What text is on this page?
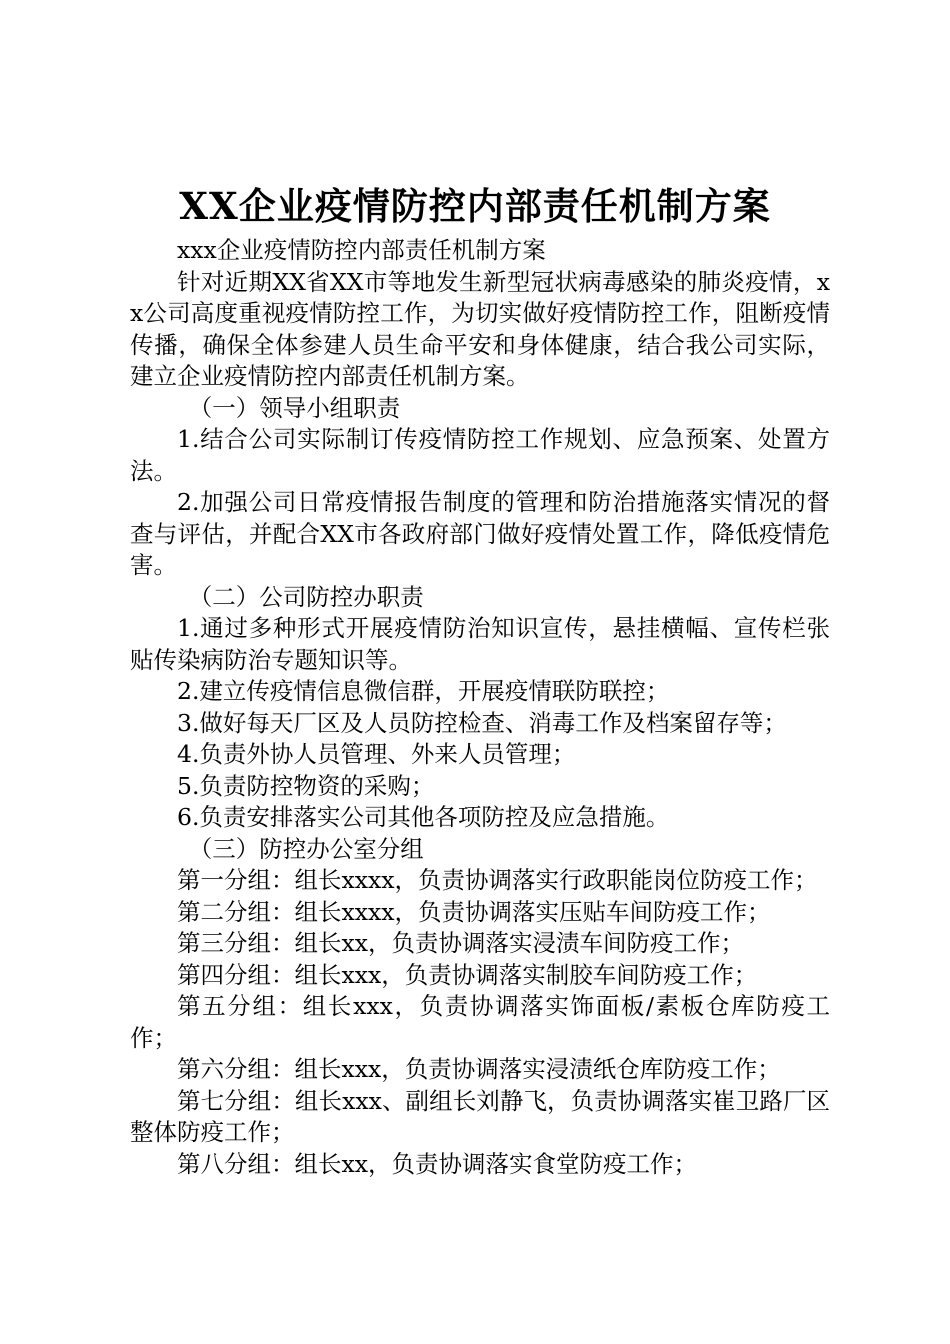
XX企业疫情防控内部责任机制方案

xxx企业疫情防控内部责任机制方案

针对近期XX省XX市等地发生新型冠状病毒感染的肺炎疫情，xx公司高度重视疫情防控工作，为切实做好疫情防控工作，阻断疫情传播，确保全体参建人员生命平安和身体健康，结合我公司实际，建立企业疫情防控内部责任机制方案。

（一）领导小组职责

1.结合公司实际制订传疫情防控工作规划、应急预案、处置方法。

2.加强公司日常疫情报告制度的管理和防治措施落实情况的督查与评估，并配合XX市各政府部门做好疫情处置工作，降低疫情危害。

（二）公司防控办职责

1.通过多种形式开展疫情防治知识宣传，悬挂横幅、宣传栏张贴传染病防治专题知识等。

2.建立传疫情信息微信群，开展疫情联防联控；

3.做好每天厂区及人员防控检查、消毒工作及档案留存等；

4.负责外协人员管理、外来人员管理；

5.负责防控物资的采购；

6.负责安排落实公司其他各项防控及应急措施。

（三）防控办公室分组

第一分组：组长xxxx，负责协调落实行政职能岗位防疫工作；

第二分组：组长xxxx，负责协调落实压贴车间防疫工作；

第三分组：组长xx，负责协调落实浸渍车间防疫工作；

第四分组：组长xxx，负责协调落实制胶车间防疫工作；

第五分组：组长xxx，负责协调落实饰面板/素板仓库防疫工作；

第六分组：组长xxx，负责协调落实浸渍纸仓库防疫工作；

第七分组：组长xxx、副组长刘静飞，负责协调落实崔卫路厂区整体防疫工作；

第八分组：组长xx，负责协调落实食堂防疫工作；
